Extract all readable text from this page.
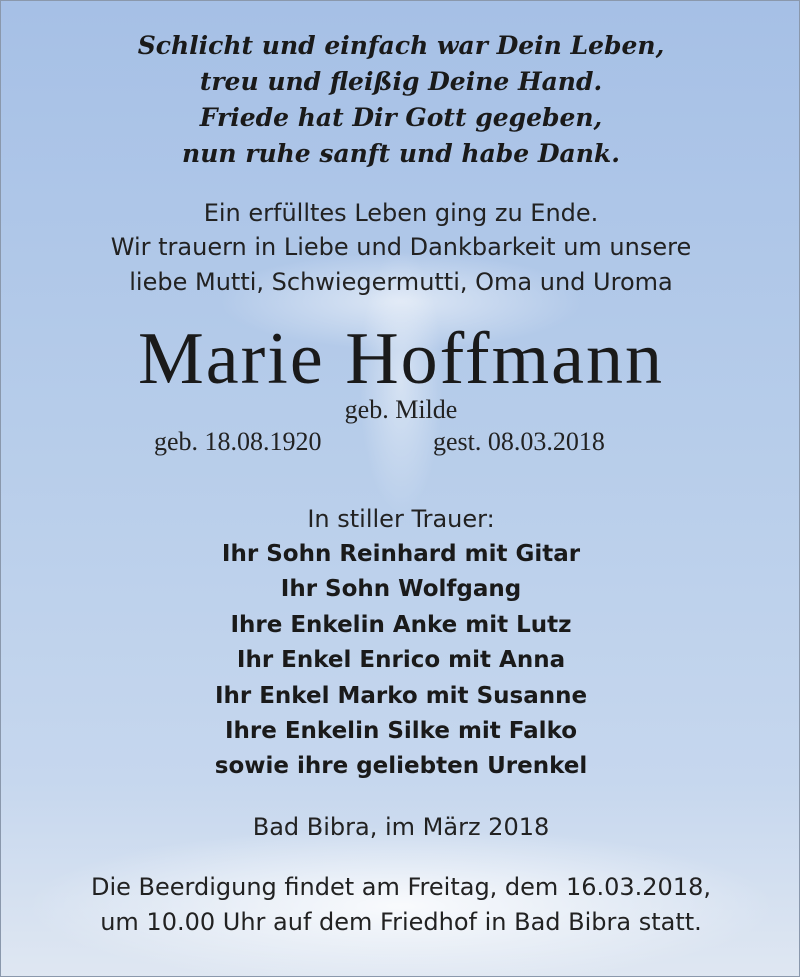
Schlicht und einfach war Dein Leben,
treu und fleißig Deine Hand.
Friede hat Dir Gott gegeben,
nun ruhe sanft und habe Dank.
Ein erfülltes Leben ging zu Ende.
Wir trauern in Liebe und Dankbarkeit um unsere
liebe Mutti, Schwiegermutti, Oma und Uroma
Marie Hoffmann
geb. Milde
geb. 18.08.1920	gest. 08.03.2018
In stiller Trauer:
Ihr Sohn Reinhard mit Gitar
Ihr Sohn Wolfgang
Ihre Enkelin Anke mit Lutz
Ihr Enkel Enrico mit Anna
Ihr Enkel Marko mit Susanne
Ihre Enkelin Silke mit Falko
sowie ihre geliebten Urenkel
Bad Bibra, im März 2018
Die Beerdigung findet am Freitag, dem 16.03.2018,
um 10.00 Uhr auf dem Friedhof in Bad Bibra statt.
